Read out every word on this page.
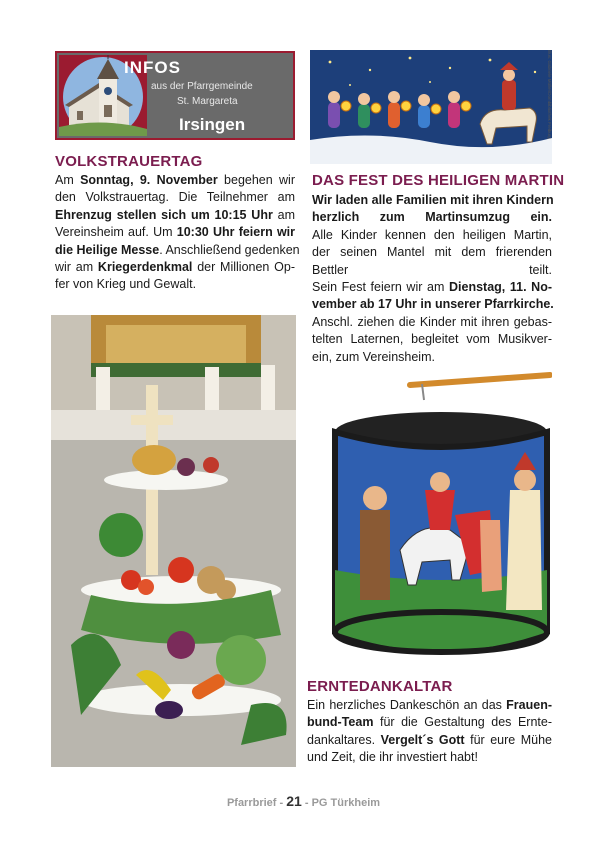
INFOS
aus der Pfarrgemeinde
St. Margareta
Irsingen	Illus: Gabriele Müller/Dombibliothek Freiburg
VOLKSTRAUERTAG
Am Sonntag, 9. November begehen wir
den Volkstrauertag. Die Teilnehmer am
Ehrenzug stellen sich um 10:15 Uhr am
Vereinsheim auf. Um 10:30 Uhr feiern wir
die Heilige Messe. Anschließend gedenken
wir am Kriegerdenkmal der Millionen Op-
fer von Krieg und Gewalt.
DAS FEST DES HEILIGEN MARTIN
Wir laden alle Familien mit ihren Kindern
herzlich zum Martinsumzug ein.
Alle Kinder kennen den heiligen Martin,
der seinen Mantel mit dem frierenden
Bettler teilt.
Sein Fest feiern wir am Dienstag, 11. No-
vember ab 17 Uhr in unserer Pfarrkirche.
Anschl. ziehen die Kinder mit ihren gebas-
telten Laternen, begleitet vom Musikver-
ein, zum Vereinsheim.
ERNTEDANKALTAR
Ein herzliches Dankeschön an das Frauen-
bund-Team für die Gestaltung des Ernte-
dankaltares. Vergelt´s Gott für eure Mühe
und Zeit, die ihr investiert habt!
Pfarrbrief - 21 - PG Türkheim
